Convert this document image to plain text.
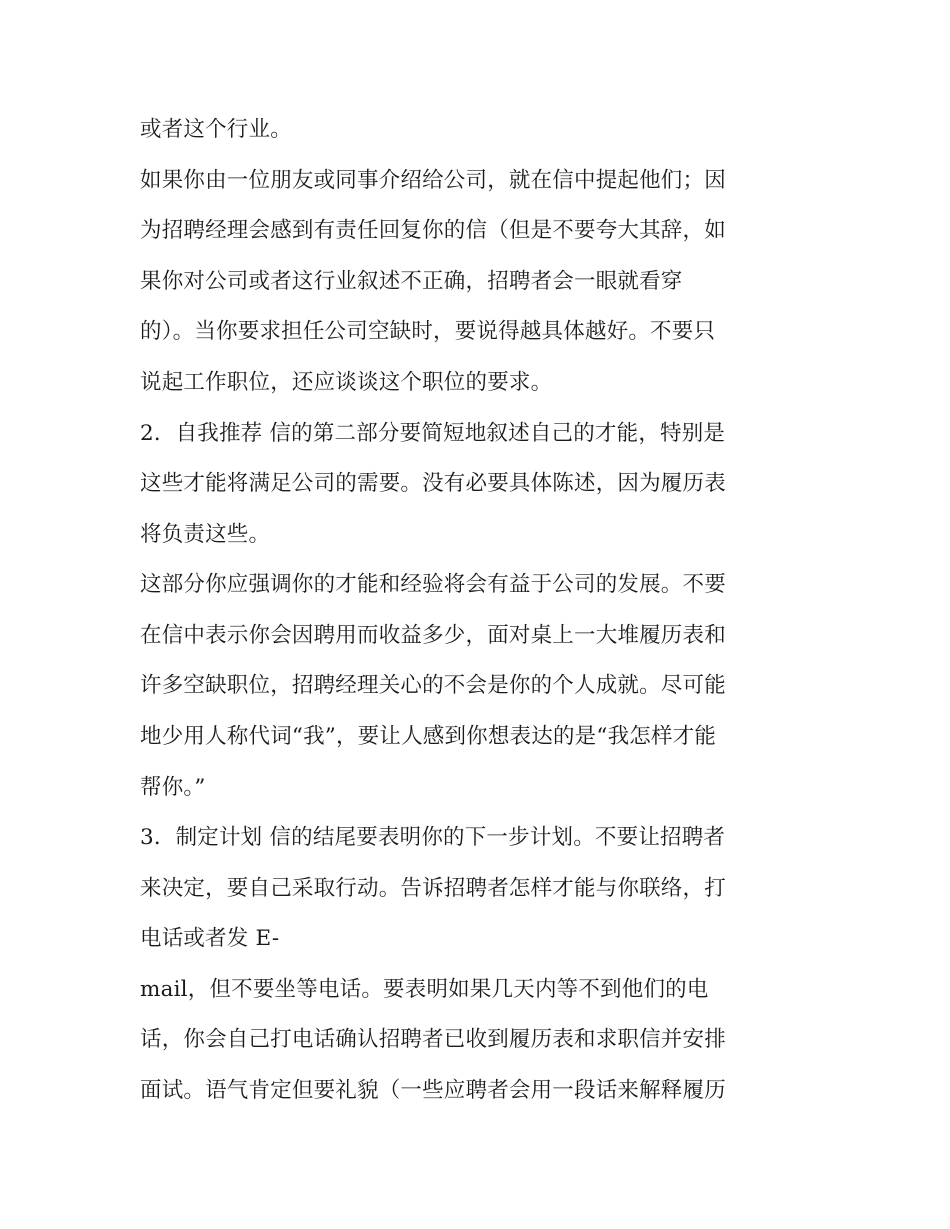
或者这个行业。
如果你由一位朋友或同事介绍给公司，就在信中提起他们；因
为招聘经理会感到有责任回复你的信（但是不要夸大其辞，如
果你对公司或者这行业叙述不正确，招聘者会一眼就看穿
的）。当你要求担任公司空缺时，要说得越具体越好。不要只
说起工作职位，还应谈谈这个职位的要求。
2．自我推荐 信的第二部分要简短地叙述自己的才能，特别是
这些才能将满足公司的需要。没有必要具体陈述，因为履历表
将负责这些。
这部分你应强调你的才能和经验将会有益于公司的发展。不要
在信中表示你会因聘用而收益多少，面对桌上一大堆履历表和
许多空缺职位，招聘经理关心的不会是你的个人成就。尽可能
地少用人称代词“我”，要让人感到你想表达的是“我怎样才能
帮你。”
3．制定计划 信的结尾要表明你的下一步计划。不要让招聘者
来决定，要自己采取行动。告诉招聘者怎样才能与你联络，打
电话或者发 E-
mail，但不要坐等电话。要表明如果几天内等不到他们的电
话，你会自己打电话确认招聘者已收到履历表和求职信并安排
面试。语气肯定但要礼貌（一些应聘者会用一段话来解释履历
